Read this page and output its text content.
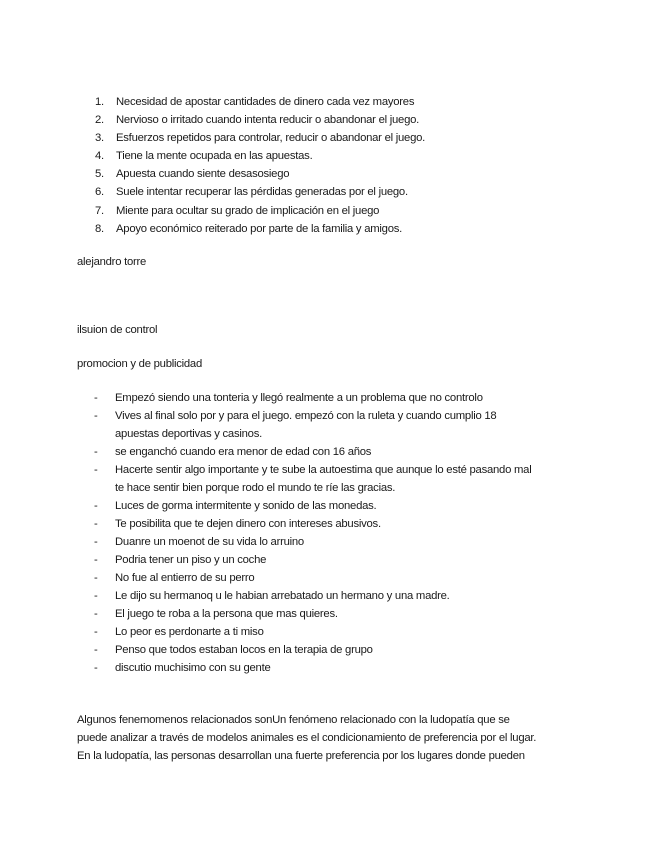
1. Necesidad de apostar cantidades de dinero cada vez mayores
2. Nervioso o irritado cuando intenta reducir o abandonar el juego.
3. Esfuerzos repetidos para controlar, reducir o abandonar el juego.
4. Tiene la mente ocupada en las apuestas.
5. Apuesta cuando siente desasosiego
6. Suele intentar recuperar las pérdidas generadas por el juego.
7. Miente para ocultar su grado de implicación en el juego
8. Apoyo económico reiterado por parte de la familia y amigos.
alejandro torre
ilsuion de control
promocion y de publicidad
- Empezó siendo una tonteria y llegó realmente a un problema que no controlo
- Vives al final solo por y para el juego. empezó con la ruleta y cuando cumplio 18
apuestas deportivas y casinos.
- se enganchó cuando era menor de edad con 16 años
- Hacerte sentir algo importante y te sube la autoestima que aunque lo esté pasando mal
te hace sentir bien porque rodo el mundo te ríe las gracias.
- Luces de gorma intermitente y sonido de las monedas.
- Te posibilita que te dejen dinero con intereses abusivos.
- Duanre un moenot de su vida lo arruino
- Podria tener un piso y un coche
- No fue al entierro de su perro
- Le dijo su hermanoq u le habian arrebatado un hermano y una madre.
- El juego te roba a la persona que mas quieres.
- Lo peor es perdonarte a ti miso
- Penso que todos estaban locos en la terapia de grupo
- discutio muchisimo con su gente

Algunos fenemomenos relacionados sonUn fenómeno relacionado con la ludopatía que se

puede analizar a través de modelos animales es el condicionamiento de preferencia por el lugar.

En la ludopatía, las personas desarrollan una fuerte preferencia por los lugares donde pueden
